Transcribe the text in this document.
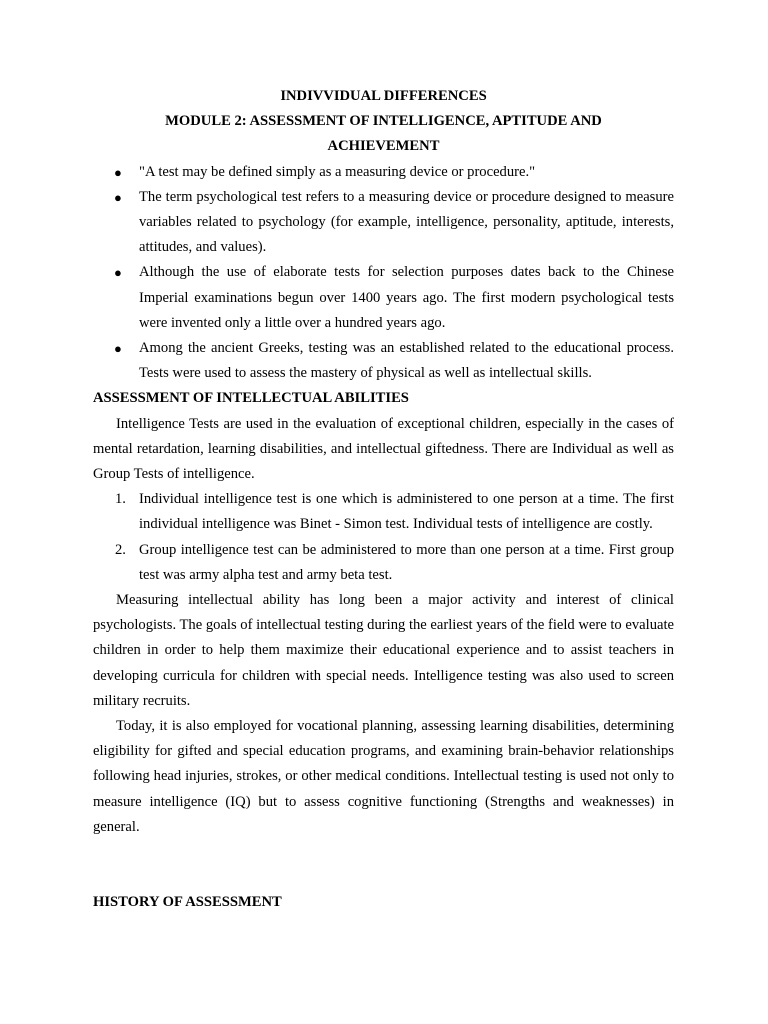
INDIVVIDUAL DIFFERENCES
MODULE 2: ASSESSMENT OF INTELLIGENCE, APTITUDE AND ACHIEVEMENT
● "A test may be defined simply as a measuring device or procedure."
● The term psychological test refers to a measuring device or procedure designed to measure variables related to psychology (for example, intelligence, personality, aptitude, interests, attitudes, and values).
● Although the use of elaborate tests for selection purposes dates back to the Chinese Imperial examinations begun over 1400 years ago. The first modern psychological tests were invented only a little over a hundred years ago.
● Among the ancient Greeks, testing was an established related to the educational process. Tests were used to assess the mastery of physical as well as intellectual skills.
ASSESSMENT OF INTELLECTUAL ABILITIES

Intelligence Tests are used in the evaluation of exceptional children, especially in the cases of mental retardation, learning disabilities, and intellectual giftedness. There are Individual as well as Group Tests of intelligence.

1. Individual intelligence test is one which is administered to one person at a time. The first individual intelligence was Binet - Simon test. Individual tests of intelligence are costly.
2. Group intelligence test can be administered to more than one person at a time. First group test was army alpha test and army beta test.

Measuring intellectual ability has long been a major activity and interest of clinical psychologists. The goals of intellectual testing during the earliest years of the field were to evaluate children in order to help them maximize their educational experience and to assist teachers in developing curricula for children with special needs. Intelligence testing was also used to screen military recruits.

Today, it is also employed for vocational planning, assessing learning disabilities, determining eligibility for gifted and special education programs, and examining brain-behavior relationships following head injuries, strokes, or other medical conditions. Intellectual testing is used not only to measure intelligence (IQ) but to assess cognitive functioning (Strengths and weaknesses) in general.

HISTORY OF ASSESSMENT
